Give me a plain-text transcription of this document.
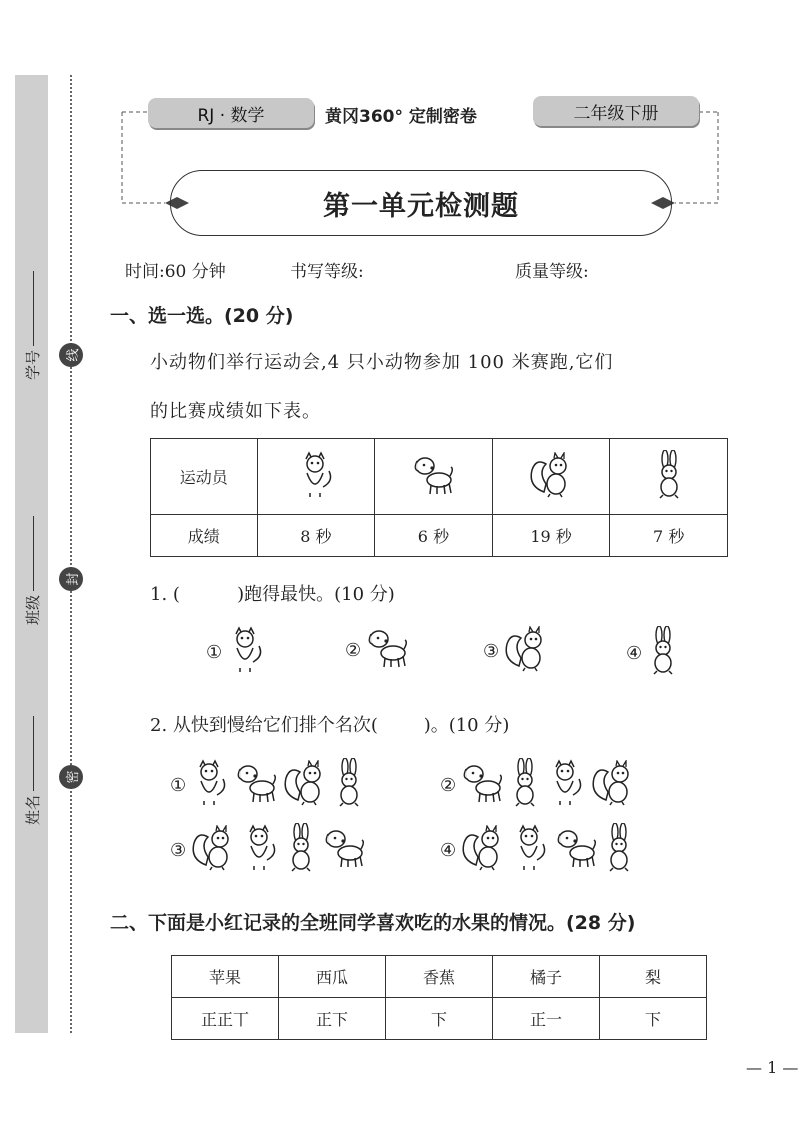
学号
班级
姓名
线
封
密
RJ · 数学	黄冈360° 定制密卷	二年级下册
第一单元检测题
时间:60 分钟	书写等级:	质量等级:
一、选一选。(20 分)
小动物们举行运动会,4 只小动物参加 100 米赛跑,它们
的比赛成绩如下表。
运动员				
成绩	8 秒	6 秒	19 秒	7 秒
1. (          )跑得最快。(10 分)
①	②	③	④
2. 从快到慢给它们排个名次(        )。(10 分)
①	②
③	④
二、下面是小红记录的全班同学喜欢吃的水果的情况。(28 分)
苹果	西瓜	香蕉	橘子	梨
正正丅	正下	下	正一	下
— 1 —
